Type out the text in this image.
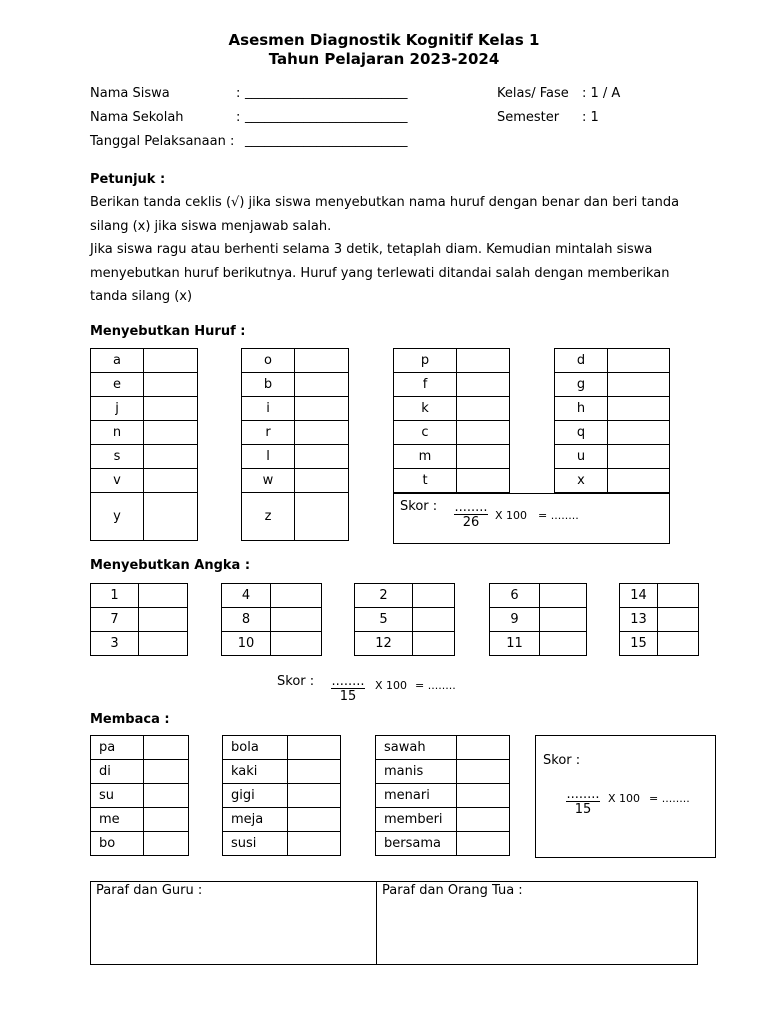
Asesmen Diagnostik Kognitif Kelas 1
Tahun Pelajaran 2023-2024
Nama Siswa	: _________________________
Nama Sekolah	: _________________________
Tanggal Pelaksanaan : _________________________
Kelas/ Fase : 1 / A
Semester : 1
Petunjuk :
Berikan tanda ceklis (√) jika siswa menyebutkan nama huruf dengan benar dan beri tanda
silang (x) jika siswa menjawab salah.
Jika siswa ragu atau berhenti selama 3 detik, tetaplah diam. Kemudian mintalah siswa
menyebutkan huruf berikutnya. Huruf yang terlewati ditandai salah dengan memberikan
tanda silang (x)
Menyebutkan Huruf :
a	
e	
j	
n	
s	
v	
y	
o	
b	
i	
r	
l	
w	
z	
p	
f	
k	
c	
m	
t	
d	
g	
h	
q	
u	
x	
Skor : ........
26	X 100 = ........
Menyebutkan Angka :
1	
7	
3	
4	
8	
10	
2	
5	
12	
6	
9	
11	
14	
13	
15	
Skor : ........
15
X 100 = ........
Membaca :
pa	
di	
su	
me	
bo	
bola	
kaki	
gigi	
meja	
susi	
sawah	
manis	
menari	
memberi	
bersama	
Skor :
........
15
X 100 = ........
Paraf dan Guru :	Paraf dan Orang Tua :
